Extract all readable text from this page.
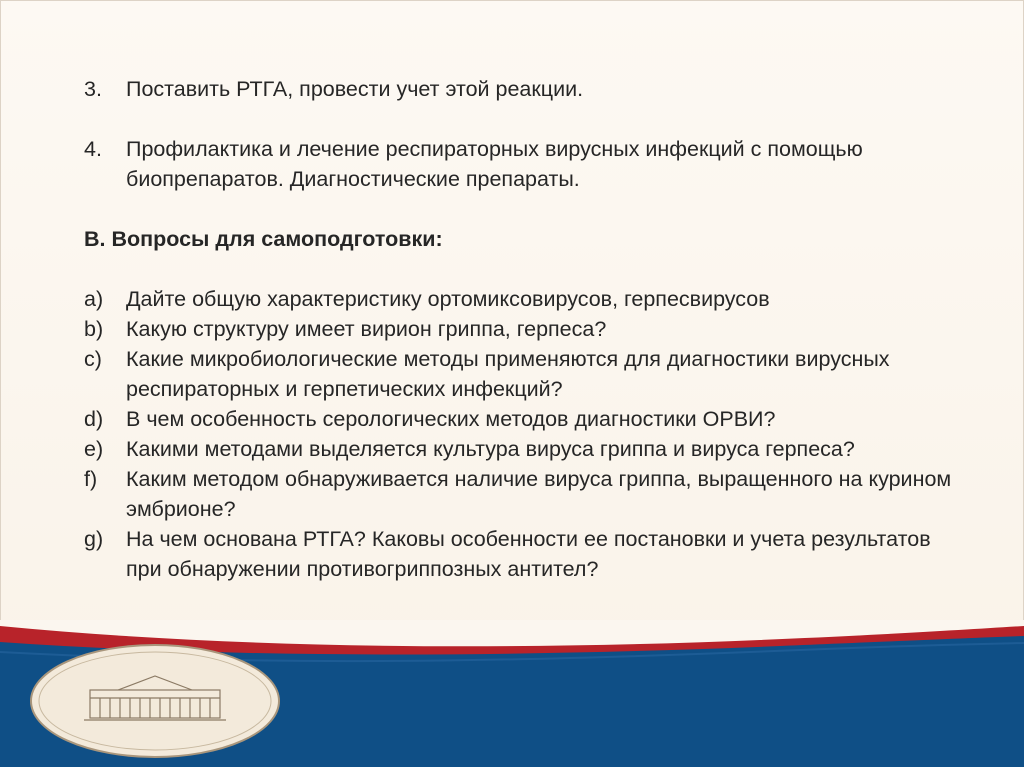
3.	Поставить РТГА, провести учет этой реакции.
4.	Профилактика и лечение респираторных вирусных инфекций с помощью биопрепаратов. Диагностические препараты.
В. Вопросы для самоподготовки:
a)	Дайте общую характеристику ортомиксовирусов, герпесвирусов
b)	Какую структуру имеет вирион гриппа, герпеса?
c)	Какие микробиологические методы применяются для диагностики вирусных респираторных и герпетических инфекций?
d)	В чем особенность серологических методов диагностики ОРВИ?
e)	Какими методами выделяется культура вируса гриппа и вируса герпеса?
f)	Каким методом обнаруживается наличие вируса гриппа, выращенного на курином эмбрионе?
g)	На чем основана РТГА? Каковы особенности ее постановки и учета результатов при обнаружении противогриппозных антител?
